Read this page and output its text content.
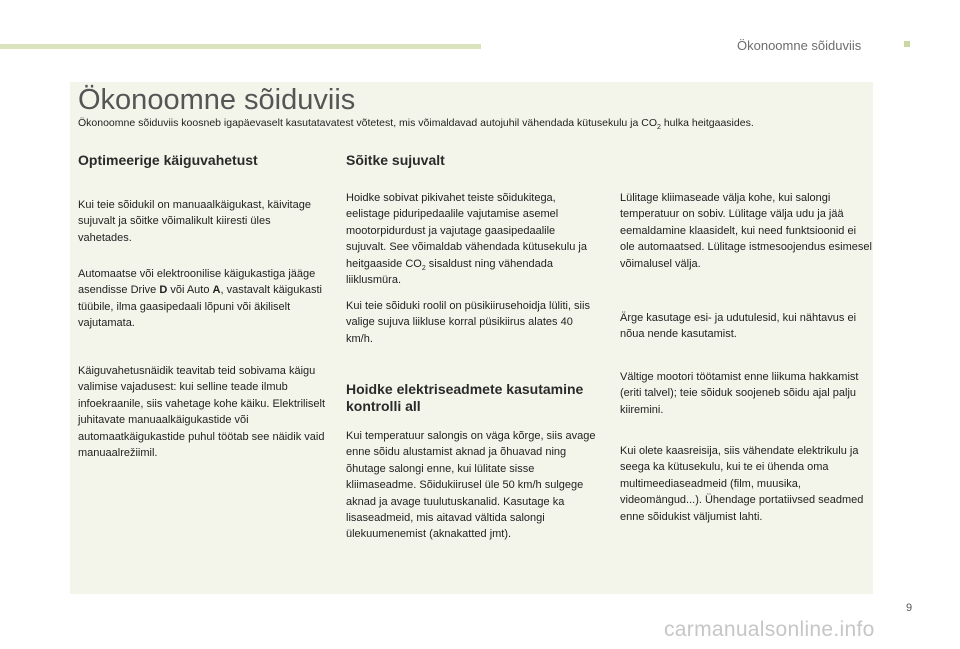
Ökonoomne sõiduviis
Ökonoomne sõiduviis
Ökonoomne sõiduviis koosneb igapäevaselt kasutatavatest võtetest, mis võimaldavad autojuhil vähendada kütusekulu ja $CO_2$ hulka heitgaasides.
Optimeerige käiguvahetust

Kui teie sõidukil on manuaalkäigukast, käivitage sujuvalt ja sõitke võimalikult kiiresti üles vahetades.

Automaatse või elektroonilise käigukastiga jääge asendisse Drive D või Auto A, vastavalt käigukasti tüübile, ilma gaasipedaali lõpuni või äkiliselt vajutamata.

Käiguvahetusnäidik teavitab teid sobivama käigu valimise vajadusest: kui selline teade ilmub infoekraanile, siis vahetage kohe käiku. Elektriliselt juhitavate manuaalkäigukastide või automaatkäigukastide puhul töötab see näidik vaid manuaalrežiimil.

Sõitke sujuvalt

Hoidke sobivat pikivahet teiste sõidukitega, eelistage piduripedaalile vajutamise asemel mootorpidurdust ja vajutage gaasipedaalile sujuvalt. See võimaldab vähendada kütusekulu ja heitgaaside $CO_2$ sisaldust ning vähendada liiklusmüra.

Kui teie sõiduki roolil on püsikiirusehoidja lüliti, siis valige sujuva liikluse korral püsikiirus alates 40 km/h.

Hoidke elektriseadmete kasutamine kontrolli all

Kui temperatuur salongis on väga kõrge, siis avage enne sõidu alustamist aknad ja õhuavad ning õhutage salongi enne, kui lülitate sisse kliimaseadme. Sõidukiirusel üle 50 km/h sulgege aknad ja avage tuulutuskanalid. Kasutage ka lisaseadmeid, mis aitavad vältida salongi ülekuumenemist (aknakatted jmt).

Lülitage kliimaseade välja kohe, kui salongi temperatuur on sobiv. Lülitage välja udu ja jää eemaldamine klaasidelt, kui need funktsioonid ei ole automaatsed. Lülitage istmesoojendus esimesel võimalusel välja.

Ärge kasutage esi- ja udutulesid, kui nähtavus ei nõua nende kasutamist.

Vältige mootori töötamist enne liikuma hakkamist (eriti talvel); teie sõiduk soojeneb sõidu ajal palju kiiremini.

Kui olete kaasreisija, siis vähendate elektrikulu ja seega ka kütusekulu, kui te ei ühenda oma multimeediaseadmeid (film, muusika, videomängud...). Ühendage portatiivsed seadmed enne sõidukist väljumist lahti.

9
carmanualsonline.info
